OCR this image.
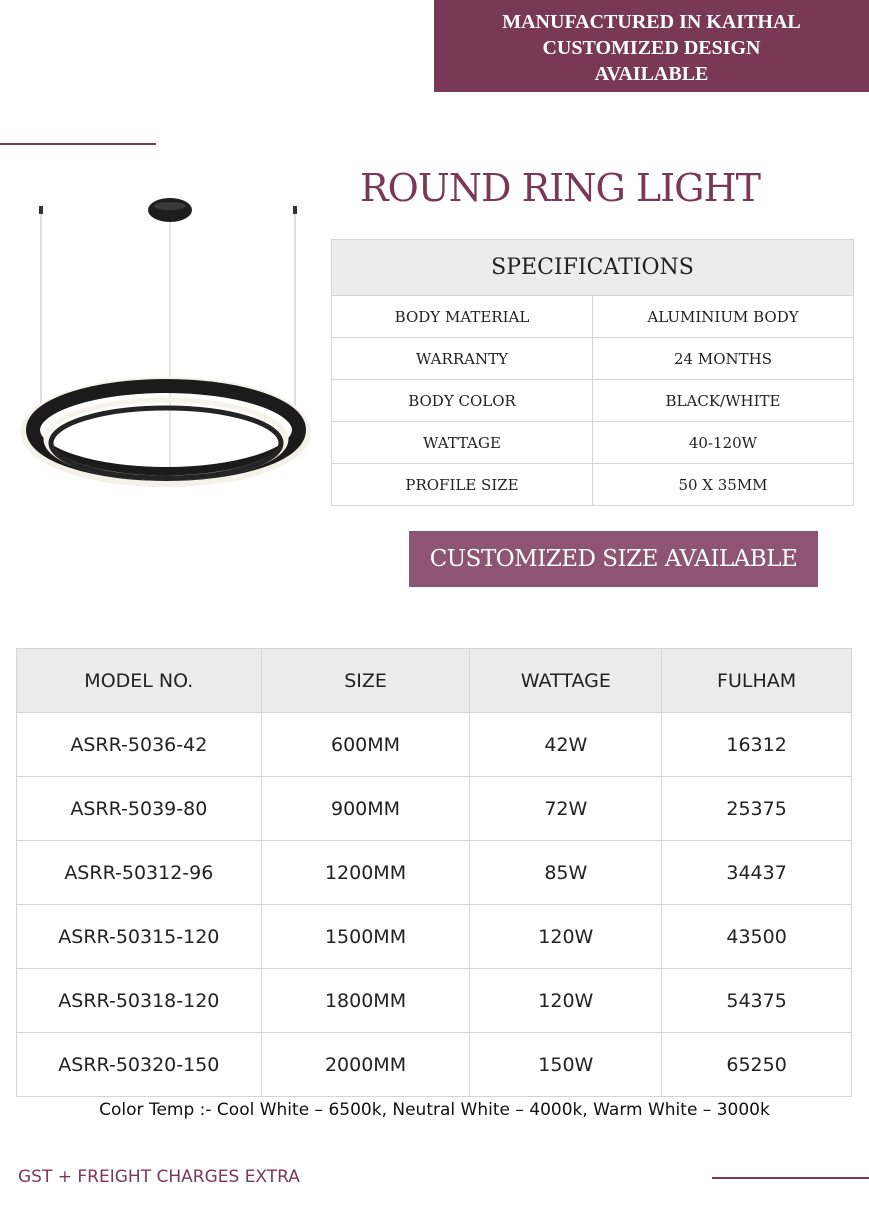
MANUFACTURED IN KAITHAL
CUSTOMIZED DESIGN
AVAILABLE
ROUND RING LIGHT
SPECIFICATIONS	
BODY MATERIAL	ALUMINIUM BODY
WARRANTY	24 MONTHS
BODY COLOR	BLACK/WHITE
WATTAGE	40-120W
PROFILE SIZE	50 X 35MM
CUSTOMIZED SIZE AVAILABLE
MODEL NO.	SIZE	WATTAGE	FULHAM
ASRR-5036-42	600MM	42W	16312
ASRR-5039-80	900MM	72W	25375
ASRR-50312-96	1200MM	85W	34437
ASRR-50315-120	1500MM	120W	43500
ASRR-50318-120	1800MM	120W	54375
ASRR-50320-150	2000MM	150W	65250
Color Temp :- Cool White – 6500k, Neutral White – 4000k, Warm White – 3000k
GST + FREIGHT CHARGES EXTRA
